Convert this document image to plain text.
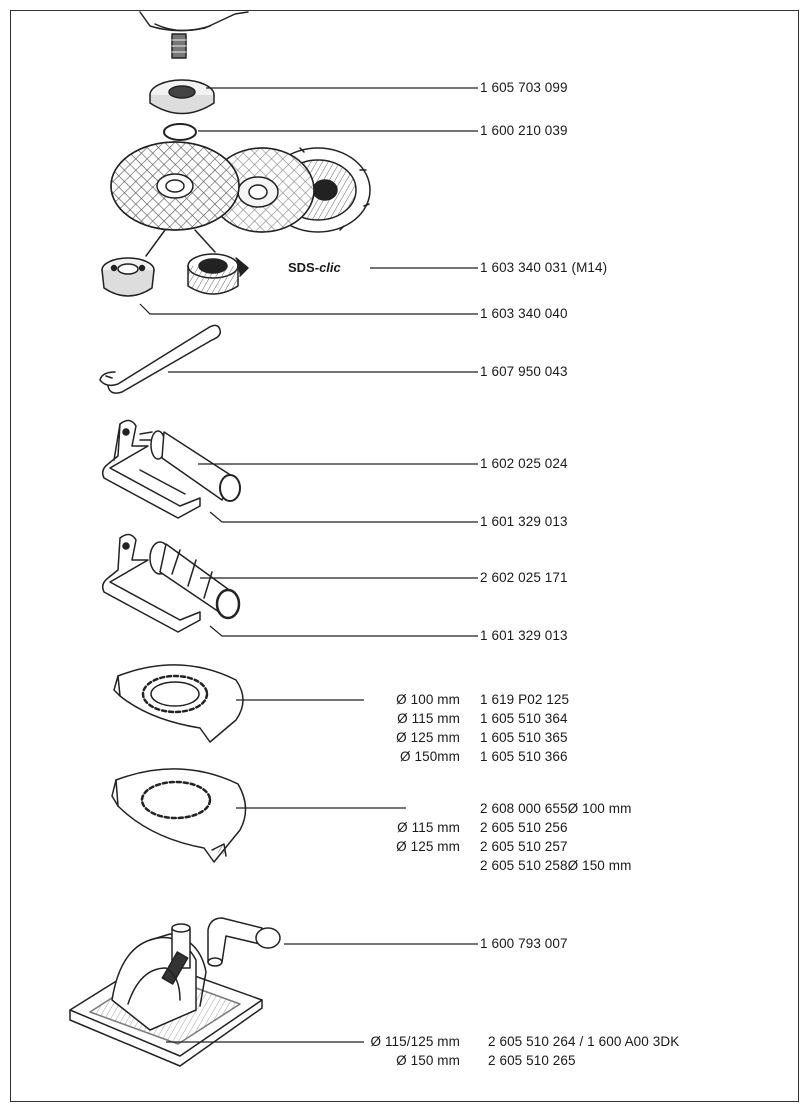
1 605 703 099
1 600 210 039
SDS-clic	1 603 340 031 (M14)
1 603 340 040
1 607 950 043
1 602 025 024
1 601 329 013
2 602 025 171
1 601 329 013
Ø 100 mm 1 619 P02 125
Ø 115 mm 1 605 510 364
Ø 125 mm 1 605 510 365
Ø 150mm 1 605 510 366
2 608 000 655Ø 100 mm
Ø 115 mm 2 605 510 256
Ø 125 mm 2 605 510 257
2 605 510 258Ø 150 mm
1 600 793 007
Ø 115/125 mm 2 605 510 264 / 1 600 A00 3DK
Ø 150 mm 2 605 510 265
